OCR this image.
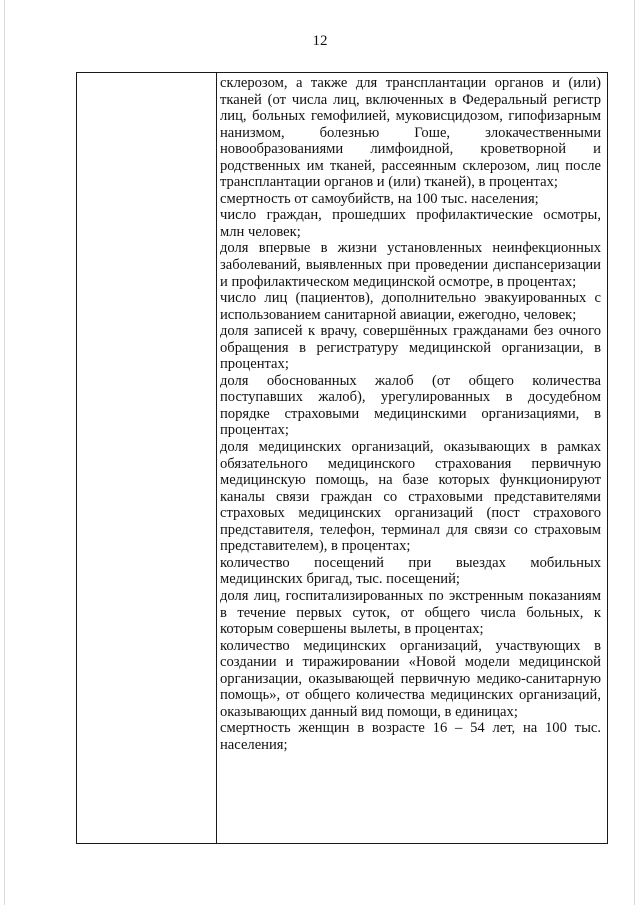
12

склерозом, а также для трансплантации органов и (или) тканей (от числа лиц, включенных в Федеральный регистр лиц, больных гемофилией, муковисцидозом, гипофизарным нанизмом, болезнью Гоше, злокачественными новообразованиями лимфоидной, кроветворной и родственных им тканей, рассеянным склерозом, лиц после трансплантации органов и (или) тканей), в процентах;

смертность от самоубийств, на 100 тыс. населения;

число граждан, прошедших профилактические осмотры, млн человек;

доля впервые в жизни установленных неинфекционных заболеваний, выявленных при проведении диспансеризации и профилактическом медицинской осмотре, в процентах;

число лиц (пациентов), дополнительно эвакуированных с использованием санитарной авиации, ежегодно, человек;

доля записей к врачу, совершённых гражданами без очного обращения в регистратуру медицинской организации, в процентах;

доля обоснованных жалоб (от общего количества поступавших жалоб), урегулированных в досудебном порядке страховыми медицинскими организациями, в процентах;

доля медицинских организаций, оказывающих в рамках обязательного медицинского страхования первичную медицинскую помощь, на базе которых функционируют каналы связи граждан со страховыми представителями страховых медицинских организаций (пост страхового представителя, телефон, терминал для связи со страховым представителем), в процентах;

количество посещений при выездах мобильных медицинских бригад, тыс. посещений;

доля лиц, госпитализированных по экстренным показаниям в течение первых суток, от общего числа больных, к которым совершены вылеты, в процентах;

количество медицинских организаций, участвующих в создании и тиражировании «Новой модели медицинской организации, оказывающей первичную медико-санитарную помощь», от общего количества медицинских организаций, оказывающих данный вид помощи, в единицах;

смертность женщин в возрасте 16 – 54 лет, на 100 тыс. населения;
